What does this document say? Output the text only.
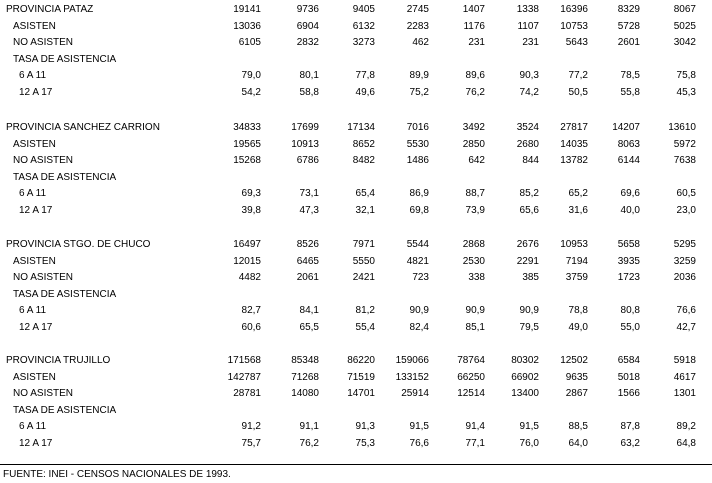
PROVINCIA PATAZ	19141	9736	9405	2745	1407	1338	16396	8329	8067
ASISTEN	13036	6904	6132	2283	1176	1107	10753	5728	5025
NO ASISTEN	6105	2832	3273	462	231	231	5643	2601	3042
TASA DE ASISTENCIA
6 A 11	79,0	80,1	77,8	89,9	89,6	90,3	77,2	78,5	75,8
12 A 17	54,2	58,8	49,6	75,2	76,2	74,2	50,5	55,8	45,3
PROVINCIA SANCHEZ CARRION	34833	17699	17134	7016	3492	3524	27817	14207	13610
ASISTEN	19565	10913	8652	5530	2850	2680	14035	8063	5972
NO ASISTEN	15268	6786	8482	1486	642	844	13782	6144	7638
TASA DE ASISTENCIA
6 A 11	69,3	73,1	65,4	86,9	88,7	85,2	65,2	69,6	60,5
12 A 17	39,8	47,3	32,1	69,8	73,9	65,6	31,6	40,0	23,0
PROVINCIA STGO. DE CHUCO	16497	8526	7971	5544	2868	2676	10953	5658	5295
ASISTEN	12015	6465	5550	4821	2530	2291	7194	3935	3259
NO ASISTEN	4482	2061	2421	723	338	385	3759	1723	2036
TASA DE ASISTENCIA
6 A 11	82,7	84,1	81,2	90,9	90,9	90,9	78,8	80,8	76,6
12 A 17	60,6	65,5	55,4	82,4	85,1	79,5	49,0	55,0	42,7
PROVINCIA TRUJILLO	171568	85348	86220	159066	78764	80302	12502	6584	5918
ASISTEN	142787	71268	71519	133152	66250	66902	9635	5018	4617
NO ASISTEN	28781	14080	14701	25914	12514	13400	2867	1566	1301
TASA DE ASISTENCIA
6 A 11	91,2	91,1	91,3	91,5	91,4	91,5	88,5	87,8	89,2
12 A 17	75,7	76,2	75,3	76,6	77,1	76,0	64,0	63,2	64,8
FUENTE: INEI - CENSOS NACIONALES DE 1993.
